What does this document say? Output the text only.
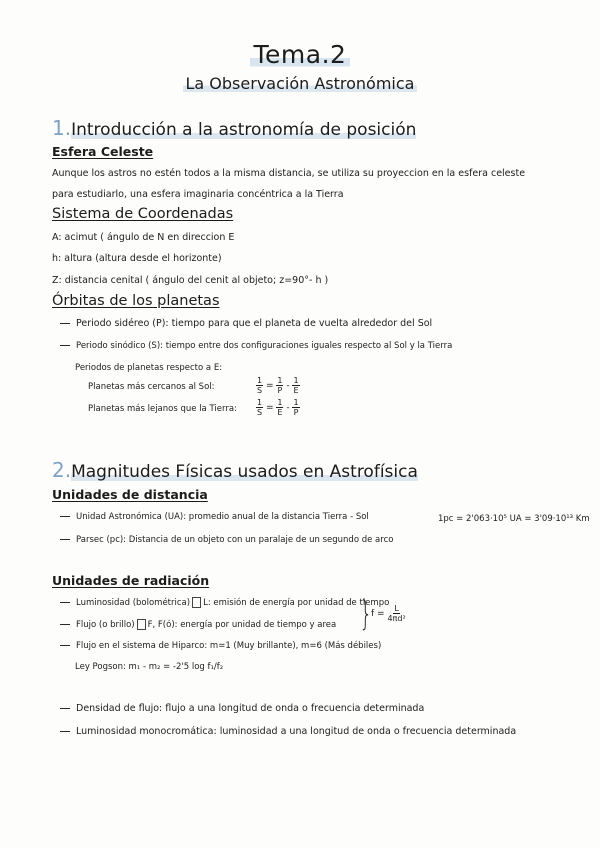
Tema.2
La Observación Astronómica
1.Introducción a la astronomía de posición
Esfera Celeste
Aunque los astros no estén todos a la misma distancia, se utiliza su proyeccion en la esfera celeste
para estudiarlo, una esfera imaginaria concéntrica a la Tierra
Sistema de Coordenadas
A: acimut ( ángulo de N en direccion E
h: altura (altura desde el horizonte)
Z: distancia cenital ( ángulo del cenit al objeto; z=90°- h )
Órbitas de los planetas
Periodo sidéreo (P): tiempo para que el planeta de vuelta alrededor del Sol
Periodo sinódico (S): tiempo entre dos configuraciones iguales respecto al Sol y la Tierra
Periodos de planetas respecto a E:
Planetas más cercanos al Sol:	$\frac{1}{S} = \frac{1}{P} - \frac{1}{E}$
Planetas más lejanos que la Tierra: $\frac{1}{S} = \frac{1}{E} - \frac{1}{P}$
2.Magnitudes Físicas usados en Astrofísica
Unidades de distancia
Unidad Astronómica (UA): promedio anual de la distancia Tierra - Sol	1pc = 2'063·10⁵ UA = 3'09·10¹³ Km
Parsec (pc): Distancia de un objeto con un paralaje de un segundo de arco
Unidades de radiación
Luminosidad (bolométrica) L: emisión de energía por unidad de tiempo
Flujo (o brillo) F, F(ó): energía por unidad de tiempo y area }
$f = \frac{L}{\text{4πd²}}$
Flujo en el sistema de Hiparco: m=1 (Muy brillante), m=6 (Más débiles)
Ley Pogson: m₁ - m₂ = -2'5 log f₁/f₂
Densidad de flujo: flujo a una longitud de onda o frecuencia determinada
Luminosidad monocromática: luminosidad a una longitud de onda o frecuencia determinada
